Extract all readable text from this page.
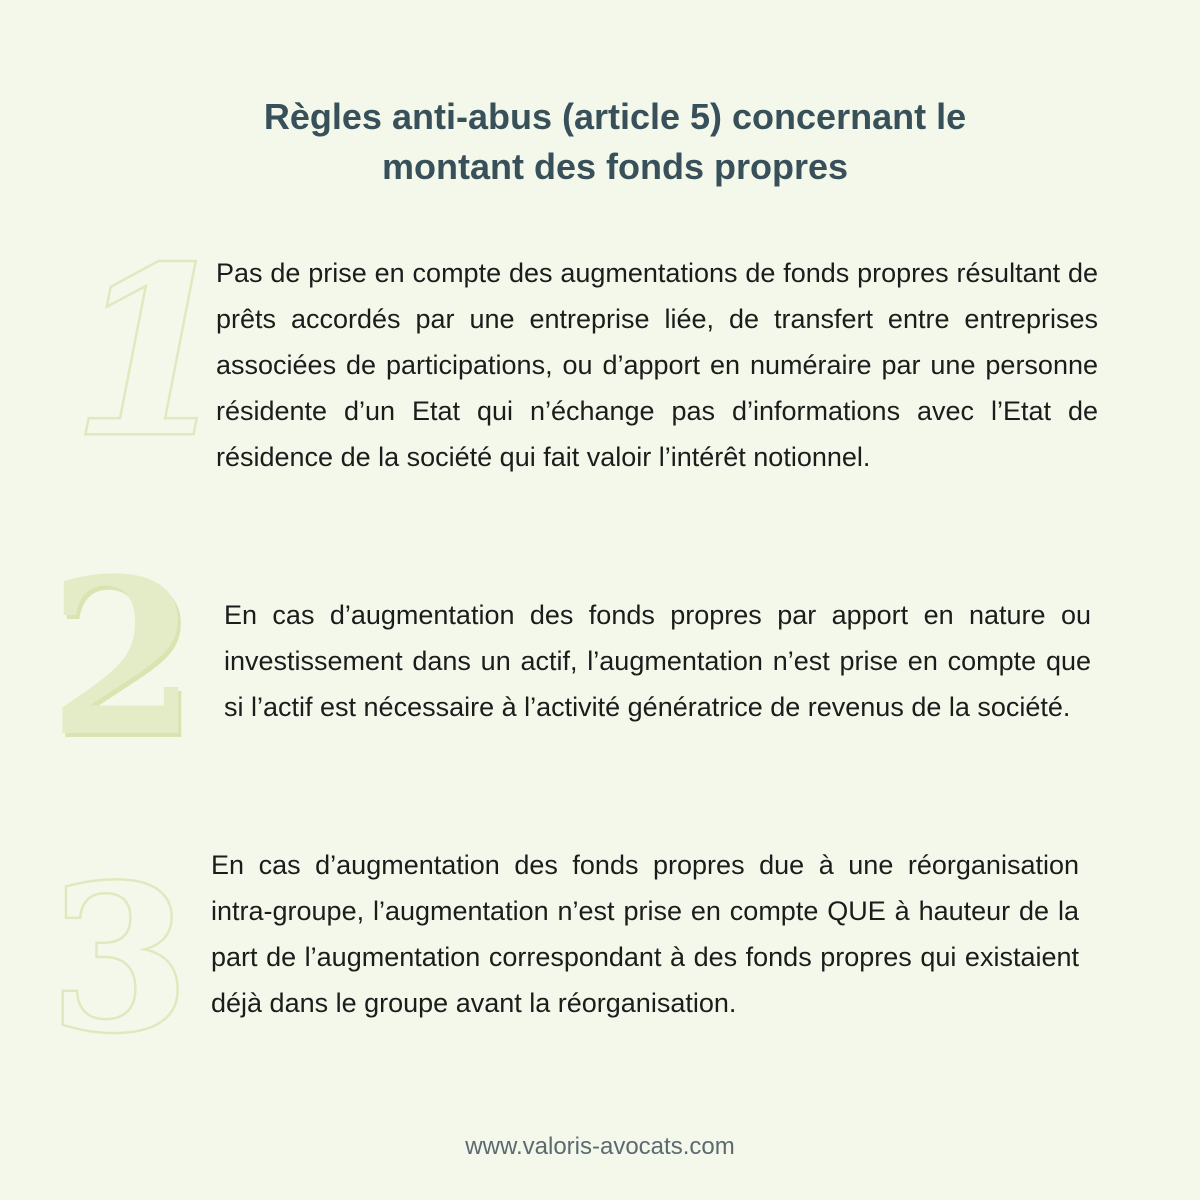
Règles anti-abus (article 5) concernant le
montant des fonds propres
1

Pas de prise en compte des augmentations de fonds propres résultant de prêts accordés par une entreprise liée, de transfert entre entreprises associées de participations, ou d’apport en numéraire par une personne résidente d’un Etat qui n’échange pas d’informations avec l’Etat de résidence de la société qui fait valoir l’intérêt notionnel.

2 En cas d’augmentation des fonds propres par apport en nature ou investissement dans un actif, l’augmentation n’est prise en compte que si l’actif est nécessaire à l’activité génératrice de revenus de la société.

3 En cas d’augmentation des fonds propres due à une réorganisation intra-groupe, l’augmentation n’est prise en compte QUE à hauteur de la part de l’augmentation correspondant à des fonds propres qui existaient déjà dans le groupe avant la réorganisation.

www.valoris-avocats.com
